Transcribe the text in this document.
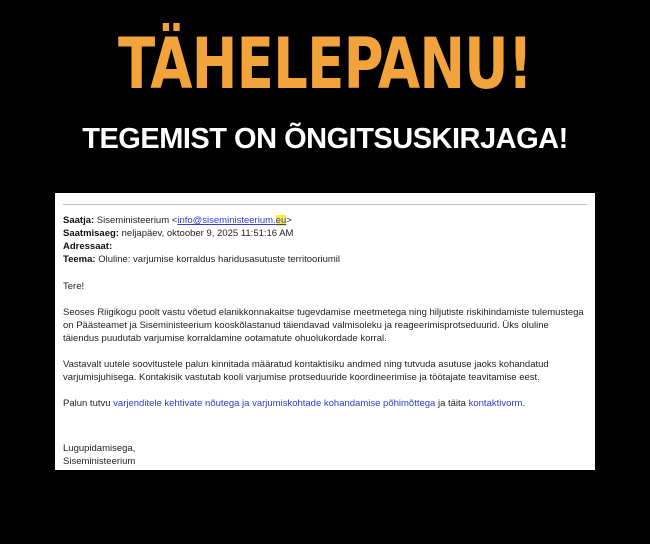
TÄHELEPANU!
TEGEMIST ON ÕNGITSUSKIRJAGA!
Saatja: Siseministeerium <info@siseministeerium.eu>
Saatmisaeg: neljapäev, oktoober 9, 2025 11:51:16 AM
Adressaat:
Teema: Oluline: varjumise korraldus haridusasutuste territooriumil

Tere!

Seoses Riigikogu poolt vastu võetud elanikkonnakaitse tugevdamise meetmetega ning hiljutiste riskihindamiste tulemustega on Päästeamet ja Siseministeerium kooskõlastanud täiendavad valmisoleku ja reageerimisprotseduurid. Üks oluline täiendus puudutab varjumise korraldamine ootamatute ohuolukordade korral.

Vastavalt uutele soovitustele palun kinnitada määratud kontaktisiku andmed ning tutvuda asutuse jaoks kohandatud varjumisjuhisega. Kontakisik vastutab kooli varjumise protseduuride koordineerimise ja töötajate teavitamise eest.

Palun tutvu varjenditele kehtivate nõutega ja varjumiskohtade kohandamise põhimõttega ja täita kontaktivorm.

Lugupidamisega,
Siseministeerium
